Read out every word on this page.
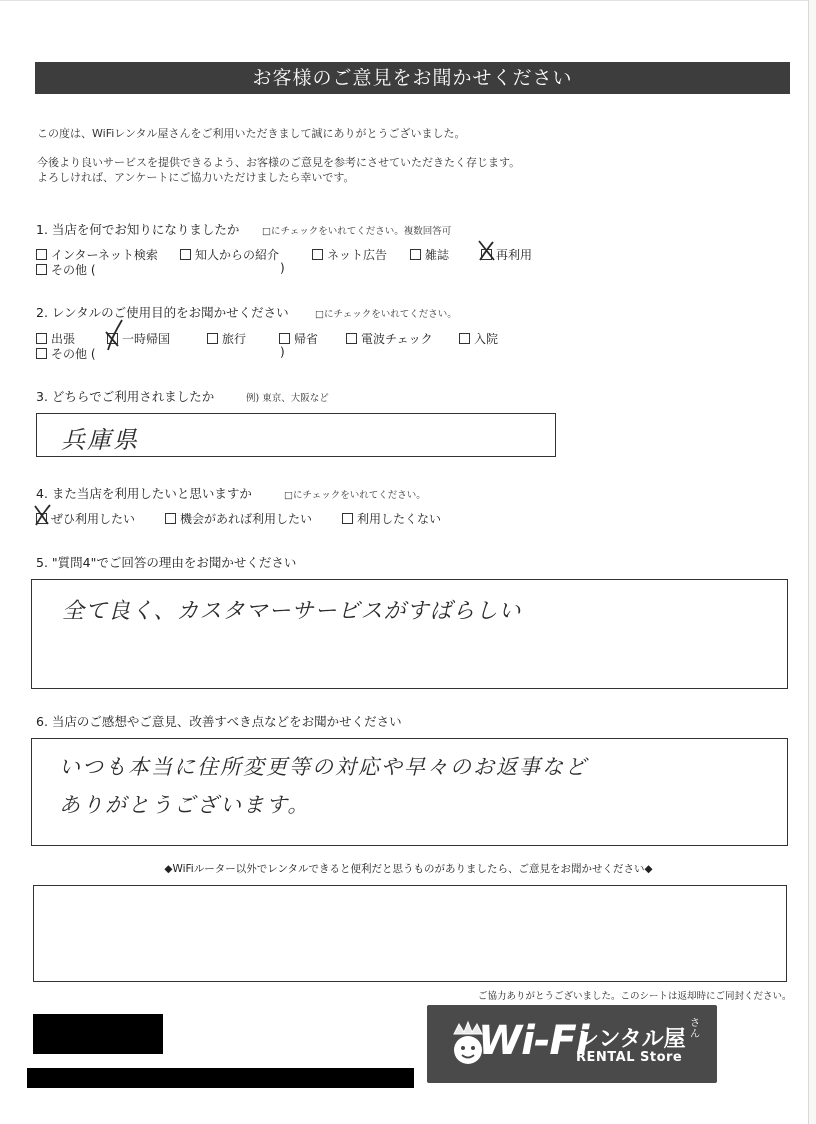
お客様のご意見をお聞かせください
この度は、WiFiレンタル屋さんをご利用いただきまして誠にありがとうございました。
今後より良いサービスを提供できるよう、お客様のご意見を参考にさせていただきたく存じます。
よろしければ、アンケートにご協力いただけましたら幸いです。
1. 当店を何でお知りになりましたか □にチェックをいれてください。複数回答可
インターネット検索	知人からの紹介	ネット広告	雑誌	再利用
その他 (	)
2. レンタルのご使用目的をお聞かせください	□にチェックをいれてください。
出張	一時帰国	旅行	帰省	電波チェック	入院
その他 (	)
3. どちらでご利用されましたか	例) 東京、大阪など
兵庫県
4. また当店を利用したいと思いますか	□にチェックをいれてください。
ぜひ利用したい	機会があれば利用したい	利用したくない
5. "質問4"でご回答の理由をお聞かせください
全て良く、カスタマーサービスがすばらしい
6. 当店のご感想やご意見、改善すべき点などをお聞かせください
いつも本当に住所変更等の対応や早々のお返事など
ありがとうございます。
◆WiFiルーター以外でレンタルできると便利だと思うものがありましたら、ご意見をお聞かせください◆
ご協力ありがとうございました。このシートは返却時にご同封ください。
Wi-Fi
レンタル屋
さん
RENTAL Store
